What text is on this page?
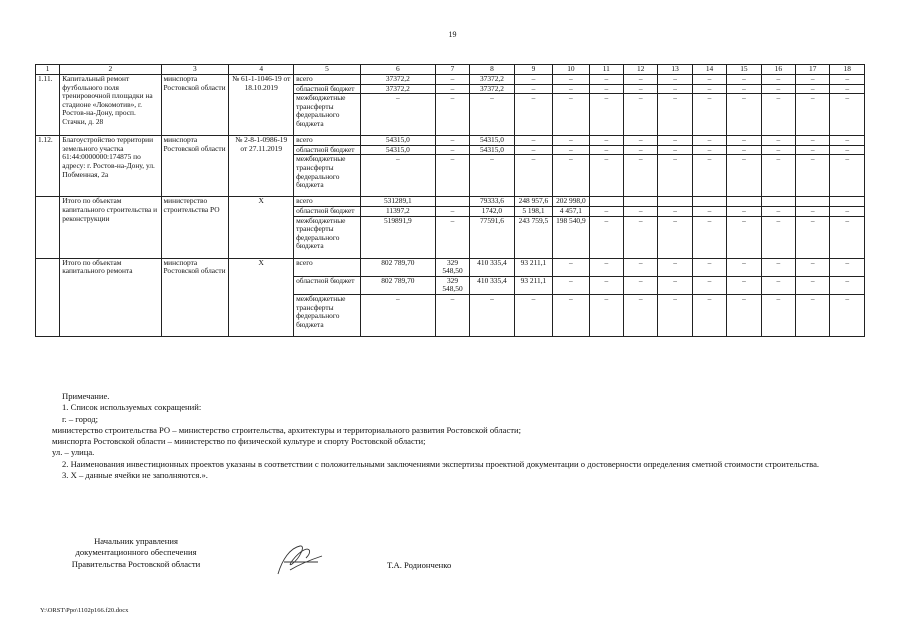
19
1	2	3	4	5	6	7	8	9	10	11	12	13	14	15	16	17	18
1.11.	Капитальный ремонт футбольного поля тренировочной площадки на стадионе «Локомотив», г. Ростов-на-Дону, просп. Стачки, д. 28	минспорта Ростовской области	№ 61-1-1046-19 от 18.10.2019	всего	37372,2	–	37372,2	–	–	–	–	–	–	–	–	–	–
				областной бюджет	37372,2	–	37372,2	–	–	–	–	–	–	–	–	–	–
				межбюджетные трансферты федерального бюджета	–	–	–	–	–	–	–	–	–	–	–	–	–
1.12.	Благоустройство территории земельного участка 61:44:0000000:174875 по адресу: г. Ростов-на-Дону, ул. Побменная, 2а	минспорта Ростовской области	№ 2-8-1-0986-19 от 27.11.2019	всего	54315,0	–	54315,0	–	–	–	–	–	–	–	–	–	–
				областной бюджет	54315,0	–	54315,0	–	–	–	–	–	–	–	–	–	–
				межбюджетные трансферты федерального бюджета	–	–	–	–	–	–	–	–	–	–	–	–	–
	Итого по объектам капитального строительства и реконструкции	министерство строительства РО	Х	всего	531289,1		79333,6	248 957,6	202 998,0								
				областной бюджет	11397,2	–	1742,0	5 198,1	4 457,1	–	–	–	–	–	–	–	–
				межбюджетные трансферты федерального бюджета	519891,9	–	77591,6	243 759,5	198 540,9	–	–	–	–	–	–	–	–
	Итого по объектам капитального ремонта	минспорта Ростовской области	Х	всего	802 789,70	329 548,50	410 335,4	93 211,1	–	–	–	–	–	–	–	–	–
				областной бюджет	802 789,70	329 548,50	410 335,4	93 211,1	–	–	–	–	–	–	–	–	–
				межбюджетные трансферты федерального бюджета	–	–	–	–	–	–	–	–	–	–	–	–	–

Примечание.

1. Список используемых сокращений:

г. – город;

министерство строительства РО – министерство строительства, архитектуры и территориального развития Ростовской области;

минспорта Ростовской области – министерство по физической культуре и спорту Ростовской области;

ул. – улица.

2. Наименования инвестиционных проектов указаны в соответствии с положительными заключениями экспертизы проектной документации о достоверности определения сметной стоимости строительства.

3. Х – данные ячейки не заполняются.».

Начальник управления
документационного обеспечения
Правительства Ростовской области	Т.А. Родионченко
Y:\ORST\Ppo\1102p166.f20.docx
